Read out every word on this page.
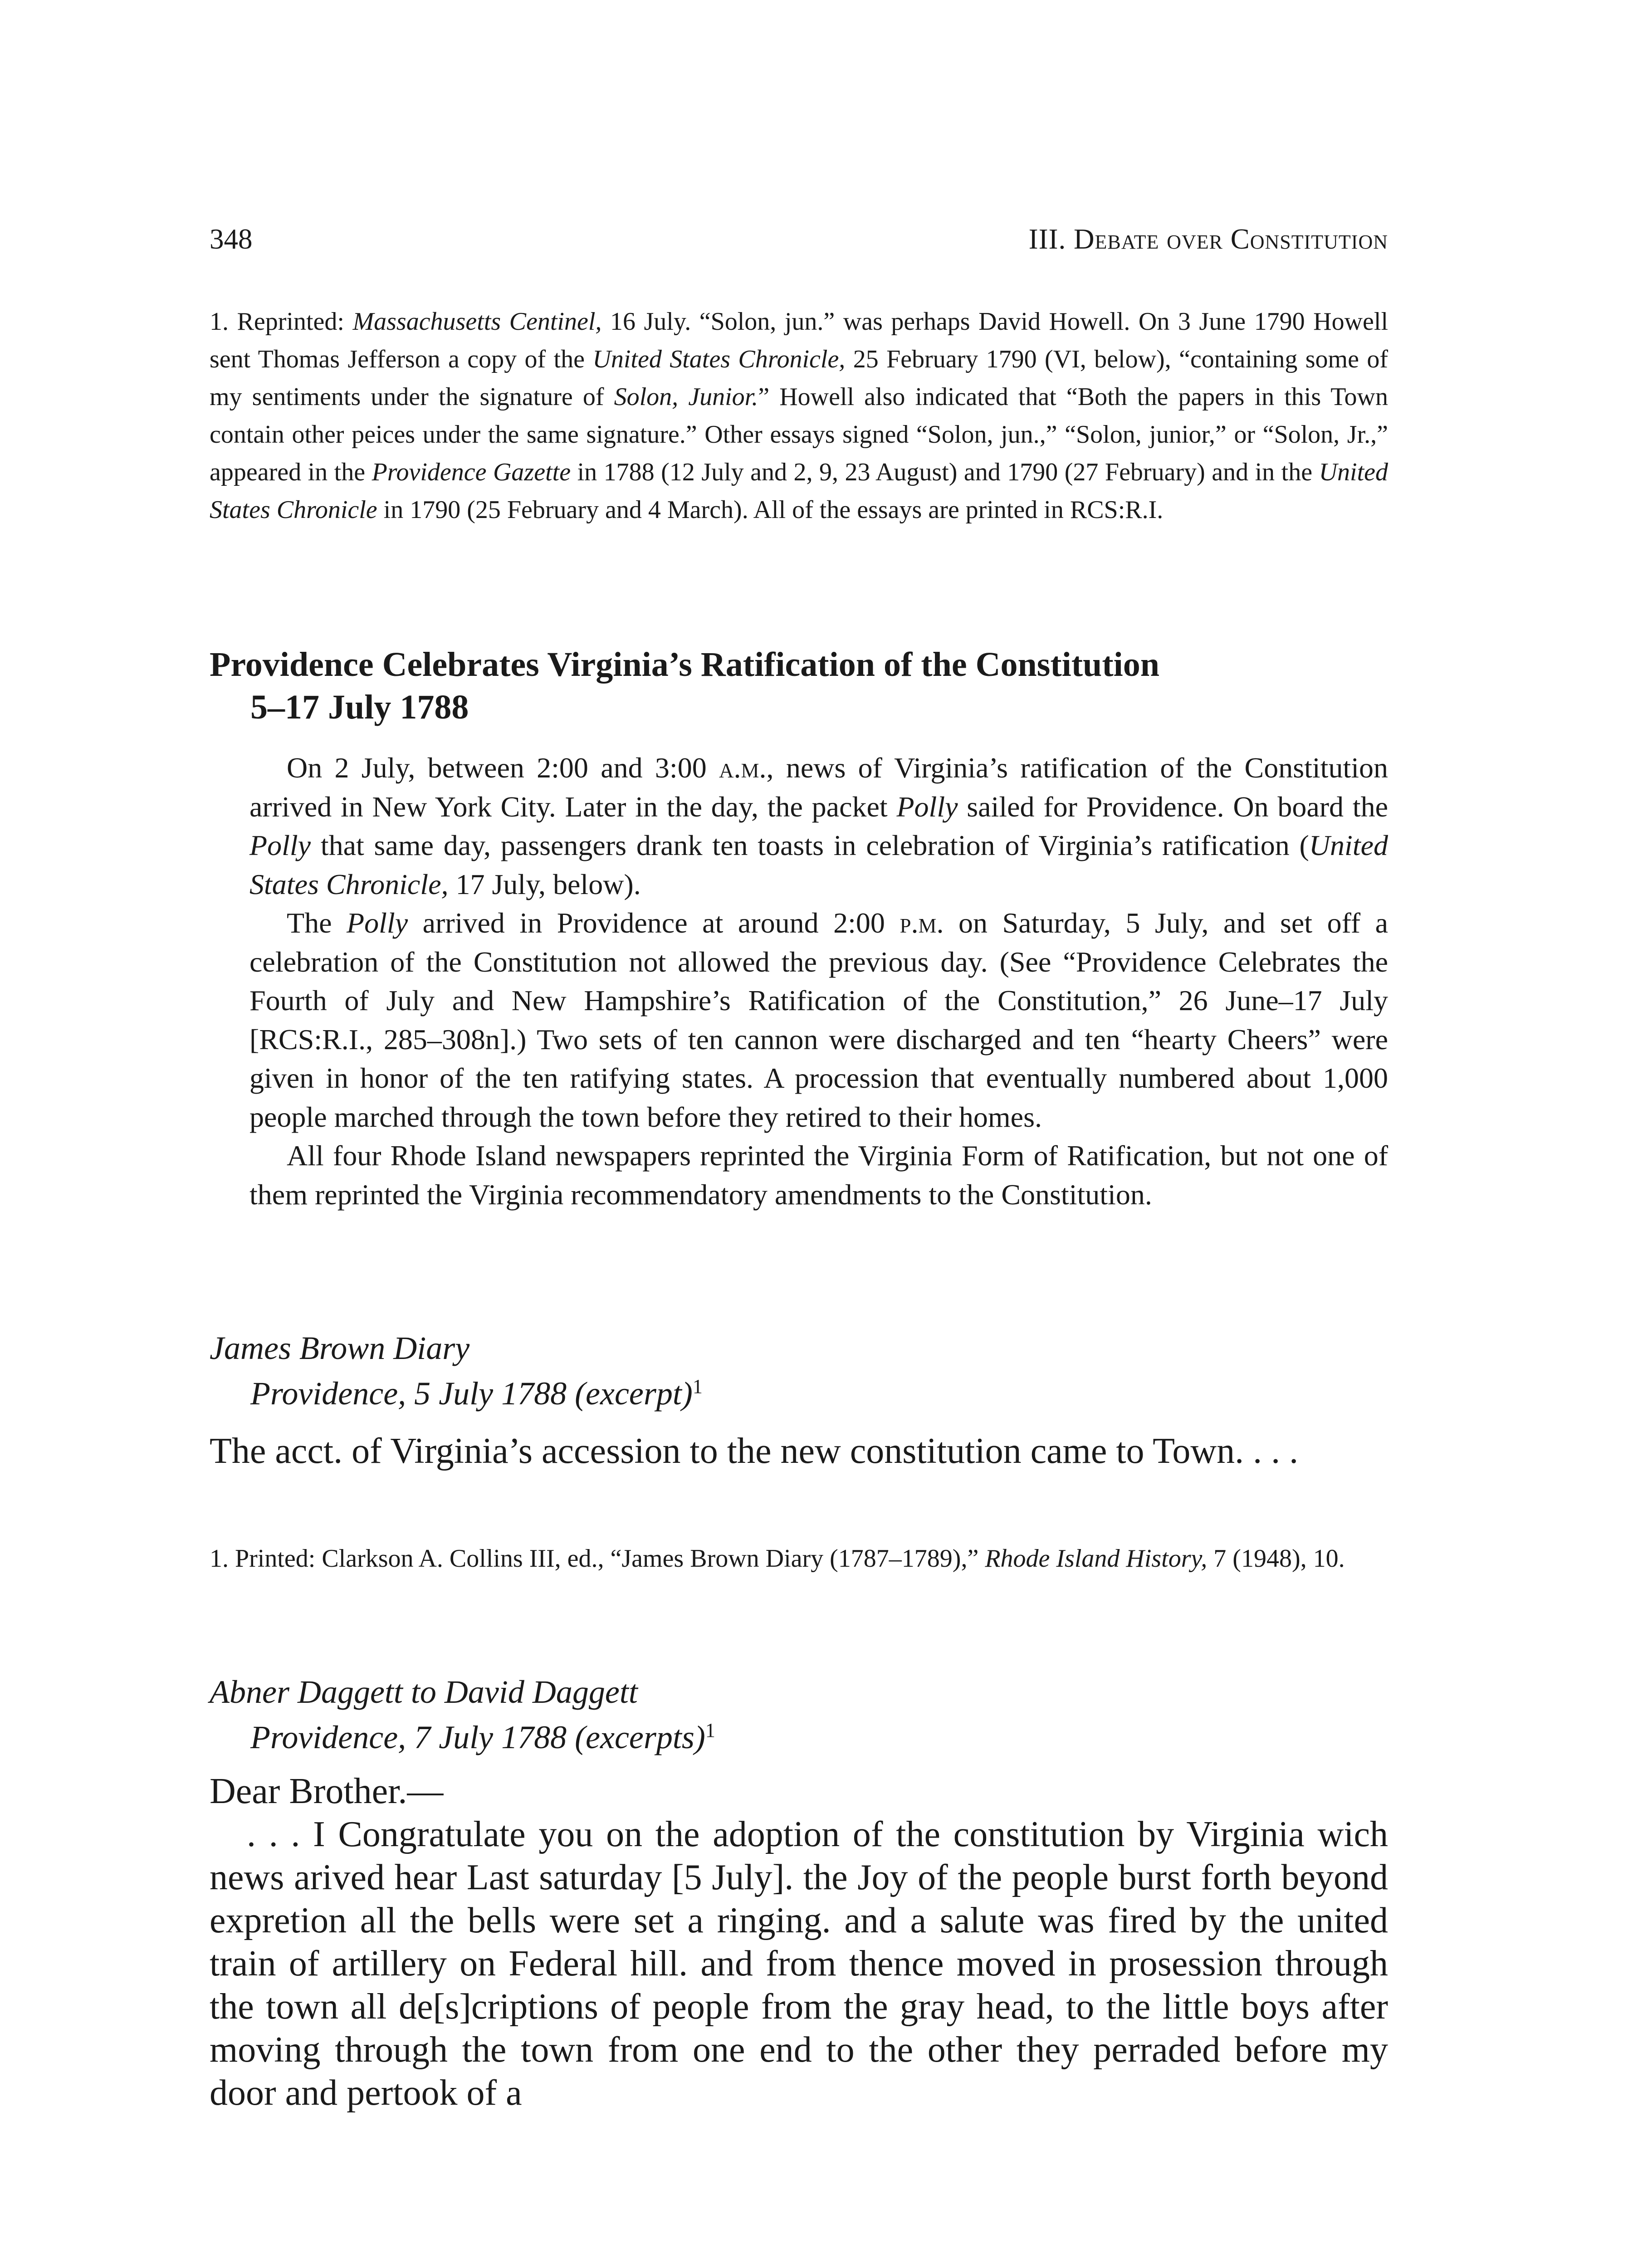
348	III. Debate over Constitution

1. Reprinted: Massachusetts Centinel, 16 July. “Solon, jun.” was perhaps David Howell. On 3 June 1790 Howell sent Thomas Jefferson a copy of the United States Chronicle, 25 February 1790 (VI, below), “containing some of my sentiments under the signature of Solon, Junior.” Howell also indicated that “Both the papers in this Town contain other peices under the same signature.” Other essays signed “Solon, jun.,” “Solon, junior,” or “Solon, Jr.,” appeared in the Providence Gazette in 1788 (12 July and 2, 9, 23 August) and 1790 (27 February) and in the United States Chronicle in 1790 (25 February and 4 March). All of the essays are printed in RCS:R.I.

Providence Celebrates Virginia’s Ratification of the Constitution
5–17 July 1788

On 2 July, between 2:00 and 3:00 a.m., news of Virginia’s ratification of the Constitution arrived in New York City. Later in the day, the packet Polly sailed for Providence. On board the Polly that same day, passengers drank ten toasts in celebration of Virginia’s ratification (United States Chronicle, 17 July, below).

The Polly arrived in Providence at around 2:00 p.m. on Saturday, 5 July, and set off a celebration of the Constitution not allowed the previous day. (See “Providence Celebrates the Fourth of July and New Hampshire’s Ratification of the Constitution,” 26 June–17 July [RCS:R.I., 285–308n].) Two sets of ten cannon were discharged and ten “hearty Cheers” were given in honor of the ten ratifying states. A procession that eventually numbered about 1,000 people marched through the town before they retired to their homes.

All four Rhode Island newspapers reprinted the Virginia Form of Ratification, but not one of them reprinted the Virginia recommendatory amendments to the Constitution.

James Brown Diary
Providence, 5 July 1788 (excerpt)$^1$

The acct. of Virginia’s accession to the new constitution came to Town. . . .

1. Printed: Clarkson A. Collins III, ed., “James Brown Diary (1787–1789),” Rhode Island History, 7 (1948), 10.

Abner Daggett to David Daggett
Providence, 7 July 1788 (excerpts)$^1$

Dear Brother.—

. . . I Congratulate you on the adoption of the constitution by Virginia wich news arived hear Last saturday [5 July]. the Joy of the people burst forth beyond expretion all the bells were set a ringing. and a salute was fired by the united train of artillery on Federal hill. and from thence moved in prosession through the town all de[s]criptions of people from the gray head, to the little boys after moving through the town from one end to the other they perraded before my door and pertook of a
